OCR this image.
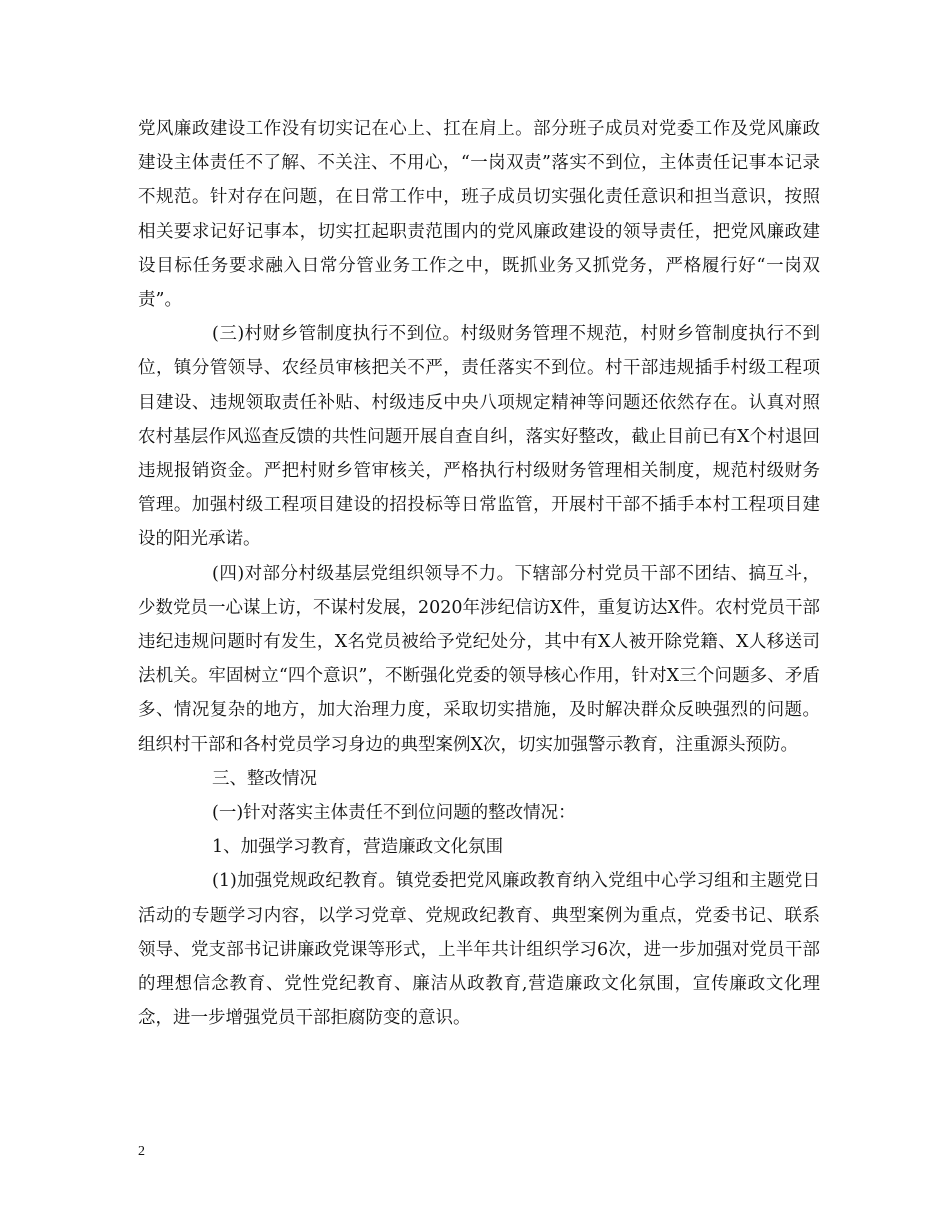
党风廉政建设工作没有切实记在心上、扛在肩上。部分班子成员对党委工作及党风廉政建设主体责任不了解、不关注、不用心，“一岗双责”落实不到位，主体责任记事本记录不规范。针对存在问题，在日常工作中，班子成员切实强化责任意识和担当意识，按照相关要求记好记事本，切实扛起职责范围内的党风廉政建设的领导责任，把党风廉政建设目标任务要求融入日常分管业务工作之中，既抓业务又抓党务，严格履行好“一岗双责”。

(三)村财乡管制度执行不到位。村级财务管理不规范，村财乡管制度执行不到位，镇分管领导、农经员审核把关不严，责任落实不到位。村干部违规插手村级工程项目建设、违规领取责任补贴、村级违反中央八项规定精神等问题还依然存在。认真对照农村基层作风巡查反馈的共性问题开展自查自纠，落实好整改，截止目前已有X个村退回违规报销资金。严把村财乡管审核关，严格执行村级财务管理相关制度，规范村级财务管理。加强村级工程项目建设的招投标等日常监管，开展村干部不插手本村工程项目建设的阳光承诺。

(四)对部分村级基层党组织领导不力。下辖部分村党员干部不团结、搞互斗，少数党员一心谋上访，不谋村发展，2020年涉纪信访X件，重复访达X件。农村党员干部违纪违规问题时有发生，X名党员被给予党纪处分，其中有X人被开除党籍、X人移送司法机关。牢固树立“四个意识”，不断强化党委的领导核心作用，针对X三个问题多、矛盾多、情况复杂的地方，加大治理力度，采取切实措施，及时解决群众反映强烈的问题。组织村干部和各村党员学习身边的典型案例X次，切实加强警示教育，注重源头预防。

三、整改情况

(一)针对落实主体责任不到位问题的整改情况：

1、加强学习教育，营造廉政文化氛围

(1)加强党规政纪教育。镇党委把党风廉政教育纳入党组中心学习组和主题党日活动的专题学习内容，以学习党章、党规政纪教育、典型案例为重点，党委书记、联系领导、党支部书记讲廉政党课等形式，上半年共计组织学习6次，进一步加强对党员干部的理想信念教育、党性党纪教育、廉洁从政教育,营造廉政文化氛围，宣传廉政文化理念，进一步增强党员干部拒腐防变的意识。

2
